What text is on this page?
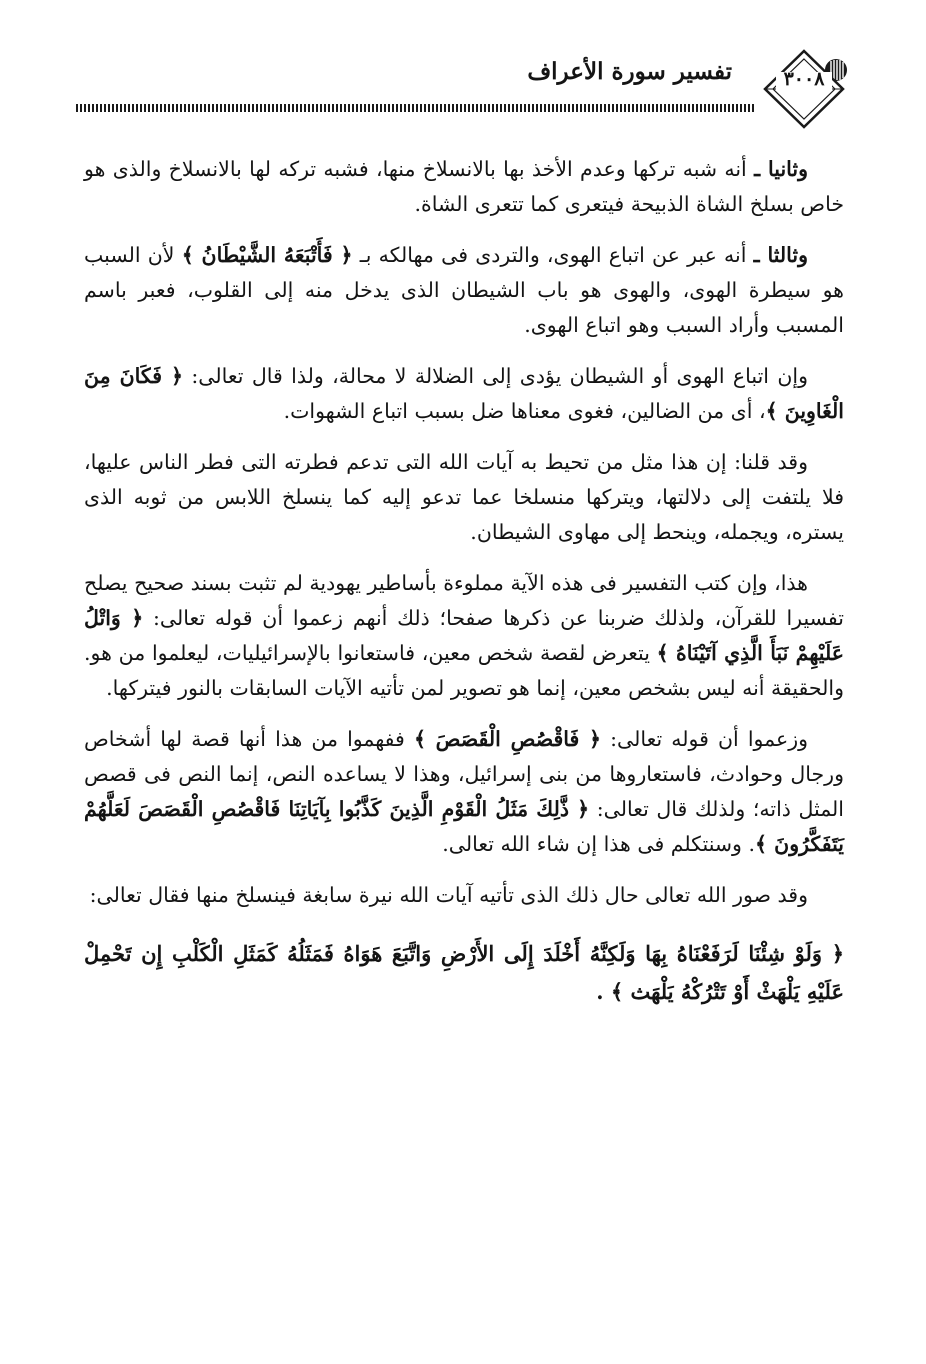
تفسير سورة الأعراف	٣٠٠٨

وثانيا ـ أنه شبه تركها وعدم الأخذ بها بالانسلاخ منها، فشبه تركه لها بالانسلاخ والذى هو خاص بسلخ الشاة الذبيحة فيتعرى كما تتعرى الشاة.

وثالثا ـ أنه عبر عن اتباع الهوى، والتردى فى مهالكه بـ ﴿ فَأَتْبَعَهُ الشَّيْطَانُ ﴾ لأن السبب هو سيطرة الهوى، والهوى هو باب الشيطان الذى يدخل منه إلى القلوب، فعبر باسم المسبب وأراد السبب وهو اتباع الهوى.

وإن اتباع الهوى أو الشيطان يؤدى إلى الضلالة لا محالة، ولذا قال تعالى: ﴿ فَكَانَ مِنَ الْغَاوِينَ ﴾، أى من الضالين، فغوى معناها ضل بسبب اتباع الشهوات.

وقد قلنا: إن هذا مثل من تحيط به آيات الله التى تدعم فطرته التى فطر الناس عليها، فلا يلتفت إلى دلالتها، ويتركها منسلخا عما تدعو إليه كما ينسلخ اللابس من ثوبه الذى يستره، ويجمله، وينحط إلى مهاوى الشيطان.

هذا، وإن كتب التفسير فى هذه الآية مملوءة بأساطير يهودية لم تثبت بسند صحيح يصلح تفسيرا للقرآن، ولذلك ضربنا عن ذكرها صفحا؛ ذلك أنهم زعموا أن قوله تعالى: ﴿ وَاتْلُ عَلَيْهِمْ نَبَأَ الَّذِي آتَيْنَاهُ ﴾ يتعرض لقصة شخص معين، فاستعانوا بالإسرائيليات، ليعلموا من هو. والحقيقة أنه ليس بشخص معين، إنما هو تصوير لمن تأتيه الآيات السابقات بالنور فيتركها.

وزعموا أن قوله تعالى: ﴿ فَاقْصُصِ الْقَصَصَ ﴾ ففهموا من هذا أنها قصة لها أشخاص ورجال وحوادث، فاستعاروها من بنى إسرائيل، وهذا لا يساعده النص، إنما النص فى قصص المثل ذاته؛ ولذلك قال تعالى: ﴿ ذَّلِكَ مَثَلُ الْقَوْمِ الَّذِينَ كَذَّبُوا بِآيَاتِنَا فَاقْصُصِ الْقَصَصَ لَعَلَّهُمْ يَتَفَكَّرُونَ ﴾. وسنتكلم فى هذا إن شاء الله تعالى.

وقد صور الله تعالى حال ذلك الذى تأتيه آيات الله نيرة سابغة فينسلخ منها فقال تعالى:

﴿ وَلَوْ شِئْنَا لَرَفَعْنَاهُ بِهَا وَلَكِنَّهُ أَخْلَدَ إِلَى الأَرْضِ وَاتَّبَعَ هَوَاهُ فَمَثَلُهُ كَمَثَلِ الْكَلْبِ إِن تَحْمِلْ عَلَيْهِ يَلْهَثْ أَوْ تَتْرُكْهُ يَلْهَث ﴾ .
